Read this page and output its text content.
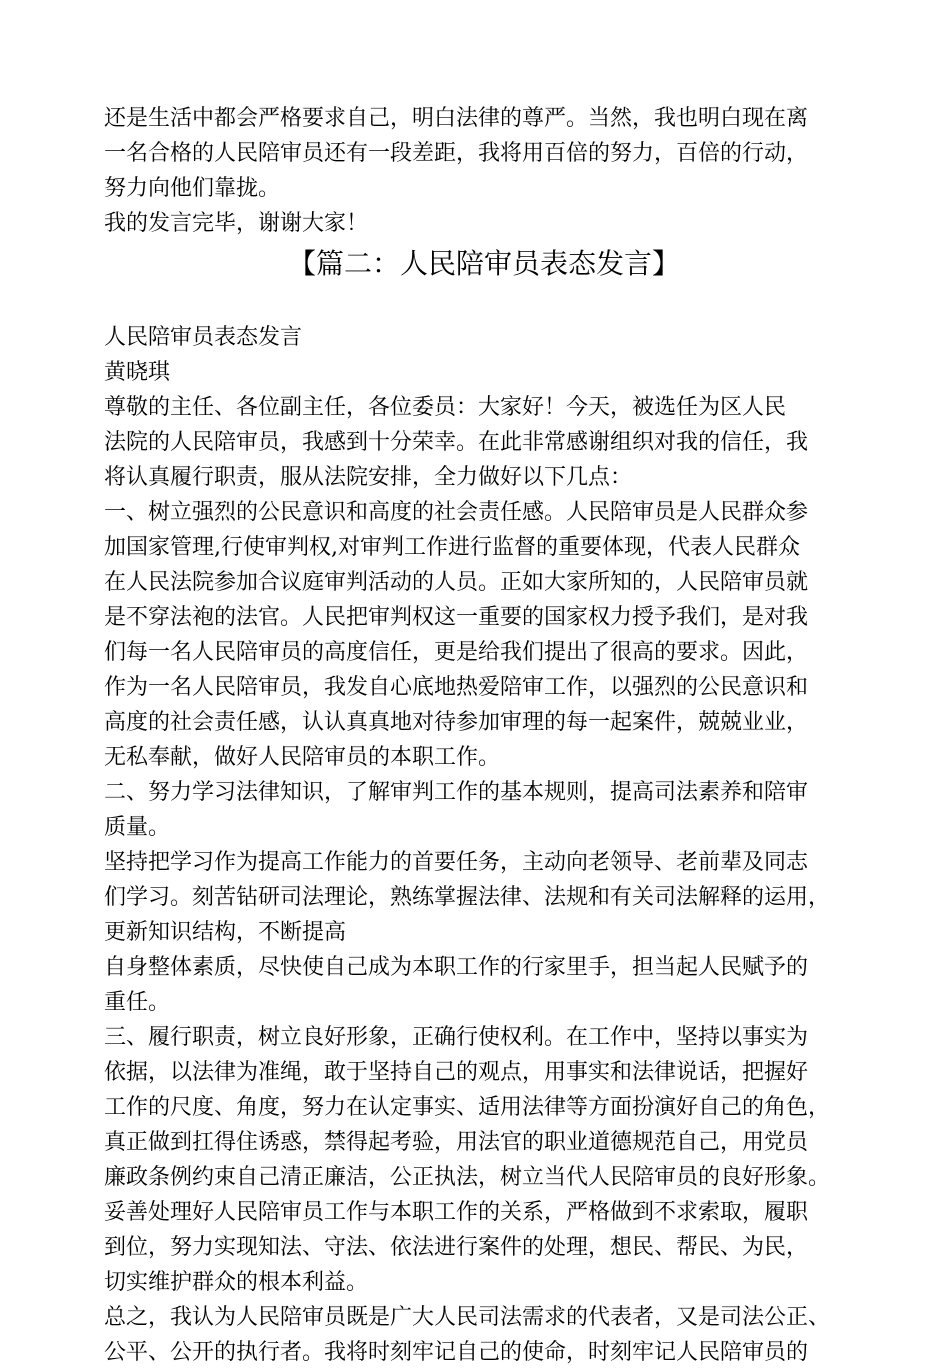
还是生活中都会严格要求自己，明白法律的尊严。当然，我也明白现在离
一名合格的人民陪审员还有一段差距，我将用百倍的努力，百倍的行动，
努力向他们靠拢。
我的发言完毕，谢谢大家！
【篇二：人民陪审员表态发言】
人民陪审员表态发言
黄晓琪
尊敬的主任、各位副主任，各位委员：大家好！今天，被选任为区人民
法院的人民陪审员，我感到十分荣幸。在此非常感谢组织对我的信任，我
将认真履行职责，服从法院安排，全力做好以下几点：
一、树立强烈的公民意识和高度的社会责任感。人民陪审员是人民群众参
加国家管理,行使审判权,对审判工作进行监督的重要体现，代表人民群众
在人民法院参加合议庭审判活动的人员。正如大家所知的，人民陪审员就
是不穿法袍的法官。人民把审判权这一重要的国家权力授予我们，是对我
们每一名人民陪审员的高度信任，更是给我们提出了很高的要求。因此，
作为一名人民陪审员，我发自心底地热爱陪审工作，以强烈的公民意识和
高度的社会责任感，认认真真地对待参加审理的每一起案件，兢兢业业，
无私奉献，做好人民陪审员的本职工作。
二、努力学习法律知识，了解审判工作的基本规则，提高司法素养和陪审
质量。
坚持把学习作为提高工作能力的首要任务，主动向老领导、老前辈及同志
们学习。刻苦钻研司法理论，熟练掌握法律、法规和有关司法解释的运用，
更新知识结构，不断提高
自身整体素质，尽快使自己成为本职工作的行家里手，担当起人民赋予的
重任。
三、履行职责，树立良好形象，正确行使权利。在工作中，坚持以事实为
依据，以法律为准绳，敢于坚持自己的观点，用事实和法律说话，把握好
工作的尺度、角度，努力在认定事实、适用法律等方面扮演好自己的角色，
真正做到扛得住诱惑，禁得起考验，用法官的职业道德规范自己，用党员
廉政条例约束自己清正廉洁，公正执法，树立当代人民陪审员的良好形象。
妥善处理好人民陪审员工作与本职工作的关系，严格做到不求索取，履职
到位，努力实现知法、守法、依法进行案件的处理，想民、帮民、为民，
切实维护群众的根本利益。
总之，我认为人民陪审员既是广大人民司法需求的代表者，又是司法公正、
公平、公开的执行者。我将时刻牢记自己的使命，时刻牢记人民陪审员的
